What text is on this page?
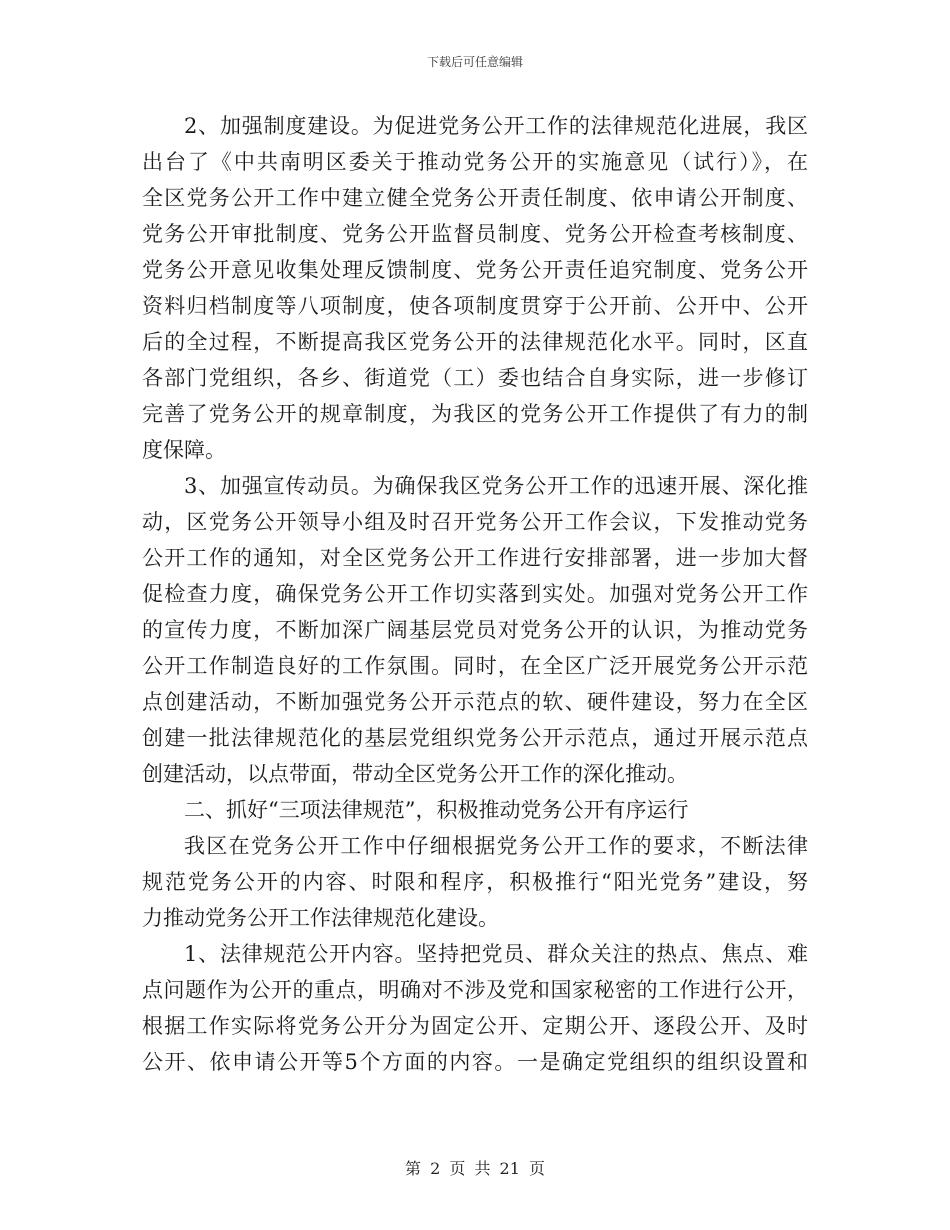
下载后可任意编辑
2、加强制度建设。为促进党务公开工作的法律规范化进展，我区
出台了《中共南明区委关于推动党务公开的实施意见（试行）》，在
全区党务公开工作中建立健全党务公开责任制度、依申请公开制度、
党务公开审批制度、党务公开监督员制度、党务公开检查考核制度、
党务公开意见收集处理反馈制度、党务公开责任追究制度、党务公开
资料归档制度等八项制度，使各项制度贯穿于公开前、公开中、公开
后的全过程，不断提高我区党务公开的法律规范化水平。同时，区直
各部门党组织，各乡、街道党（工）委也结合自身实际，进一步修订
完善了党务公开的规章制度，为我区的党务公开工作提供了有力的制
度保障。
3、加强宣传动员。为确保我区党务公开工作的迅速开展、深化推
动，区党务公开领导小组及时召开党务公开工作会议，下发推动党务
公开工作的通知，对全区党务公开工作进行安排部署，进一步加大督
促检查力度，确保党务公开工作切实落到实处。加强对党务公开工作
的宣传力度，不断加深广阔基层党员对党务公开的认识，为推动党务
公开工作制造良好的工作氛围。同时，在全区广泛开展党务公开示范
点创建活动，不断加强党务公开示范点的软、硬件建设，努力在全区
创建一批法律规范化的基层党组织党务公开示范点，通过开展示范点
创建活动，以点带面，带动全区党务公开工作的深化推动。
二、抓好“三项法律规范”，积极推动党务公开有序运行
我区在党务公开工作中仔细根据党务公开工作的要求，不断法律
规范党务公开的内容、时限和程序，积极推行“阳光党务”建设，努
力推动党务公开工作法律规范化建设。
1、法律规范公开内容。坚持把党员、群众关注的热点、焦点、难
点问题作为公开的重点，明确对不涉及党和国家秘密的工作进行公开，
根据工作实际将党务公开分为固定公开、定期公开、逐段公开、及时
公开、依申请公开等5个方面的内容。一是确定党组织的组织设置和
第 2 页 共 21 页
